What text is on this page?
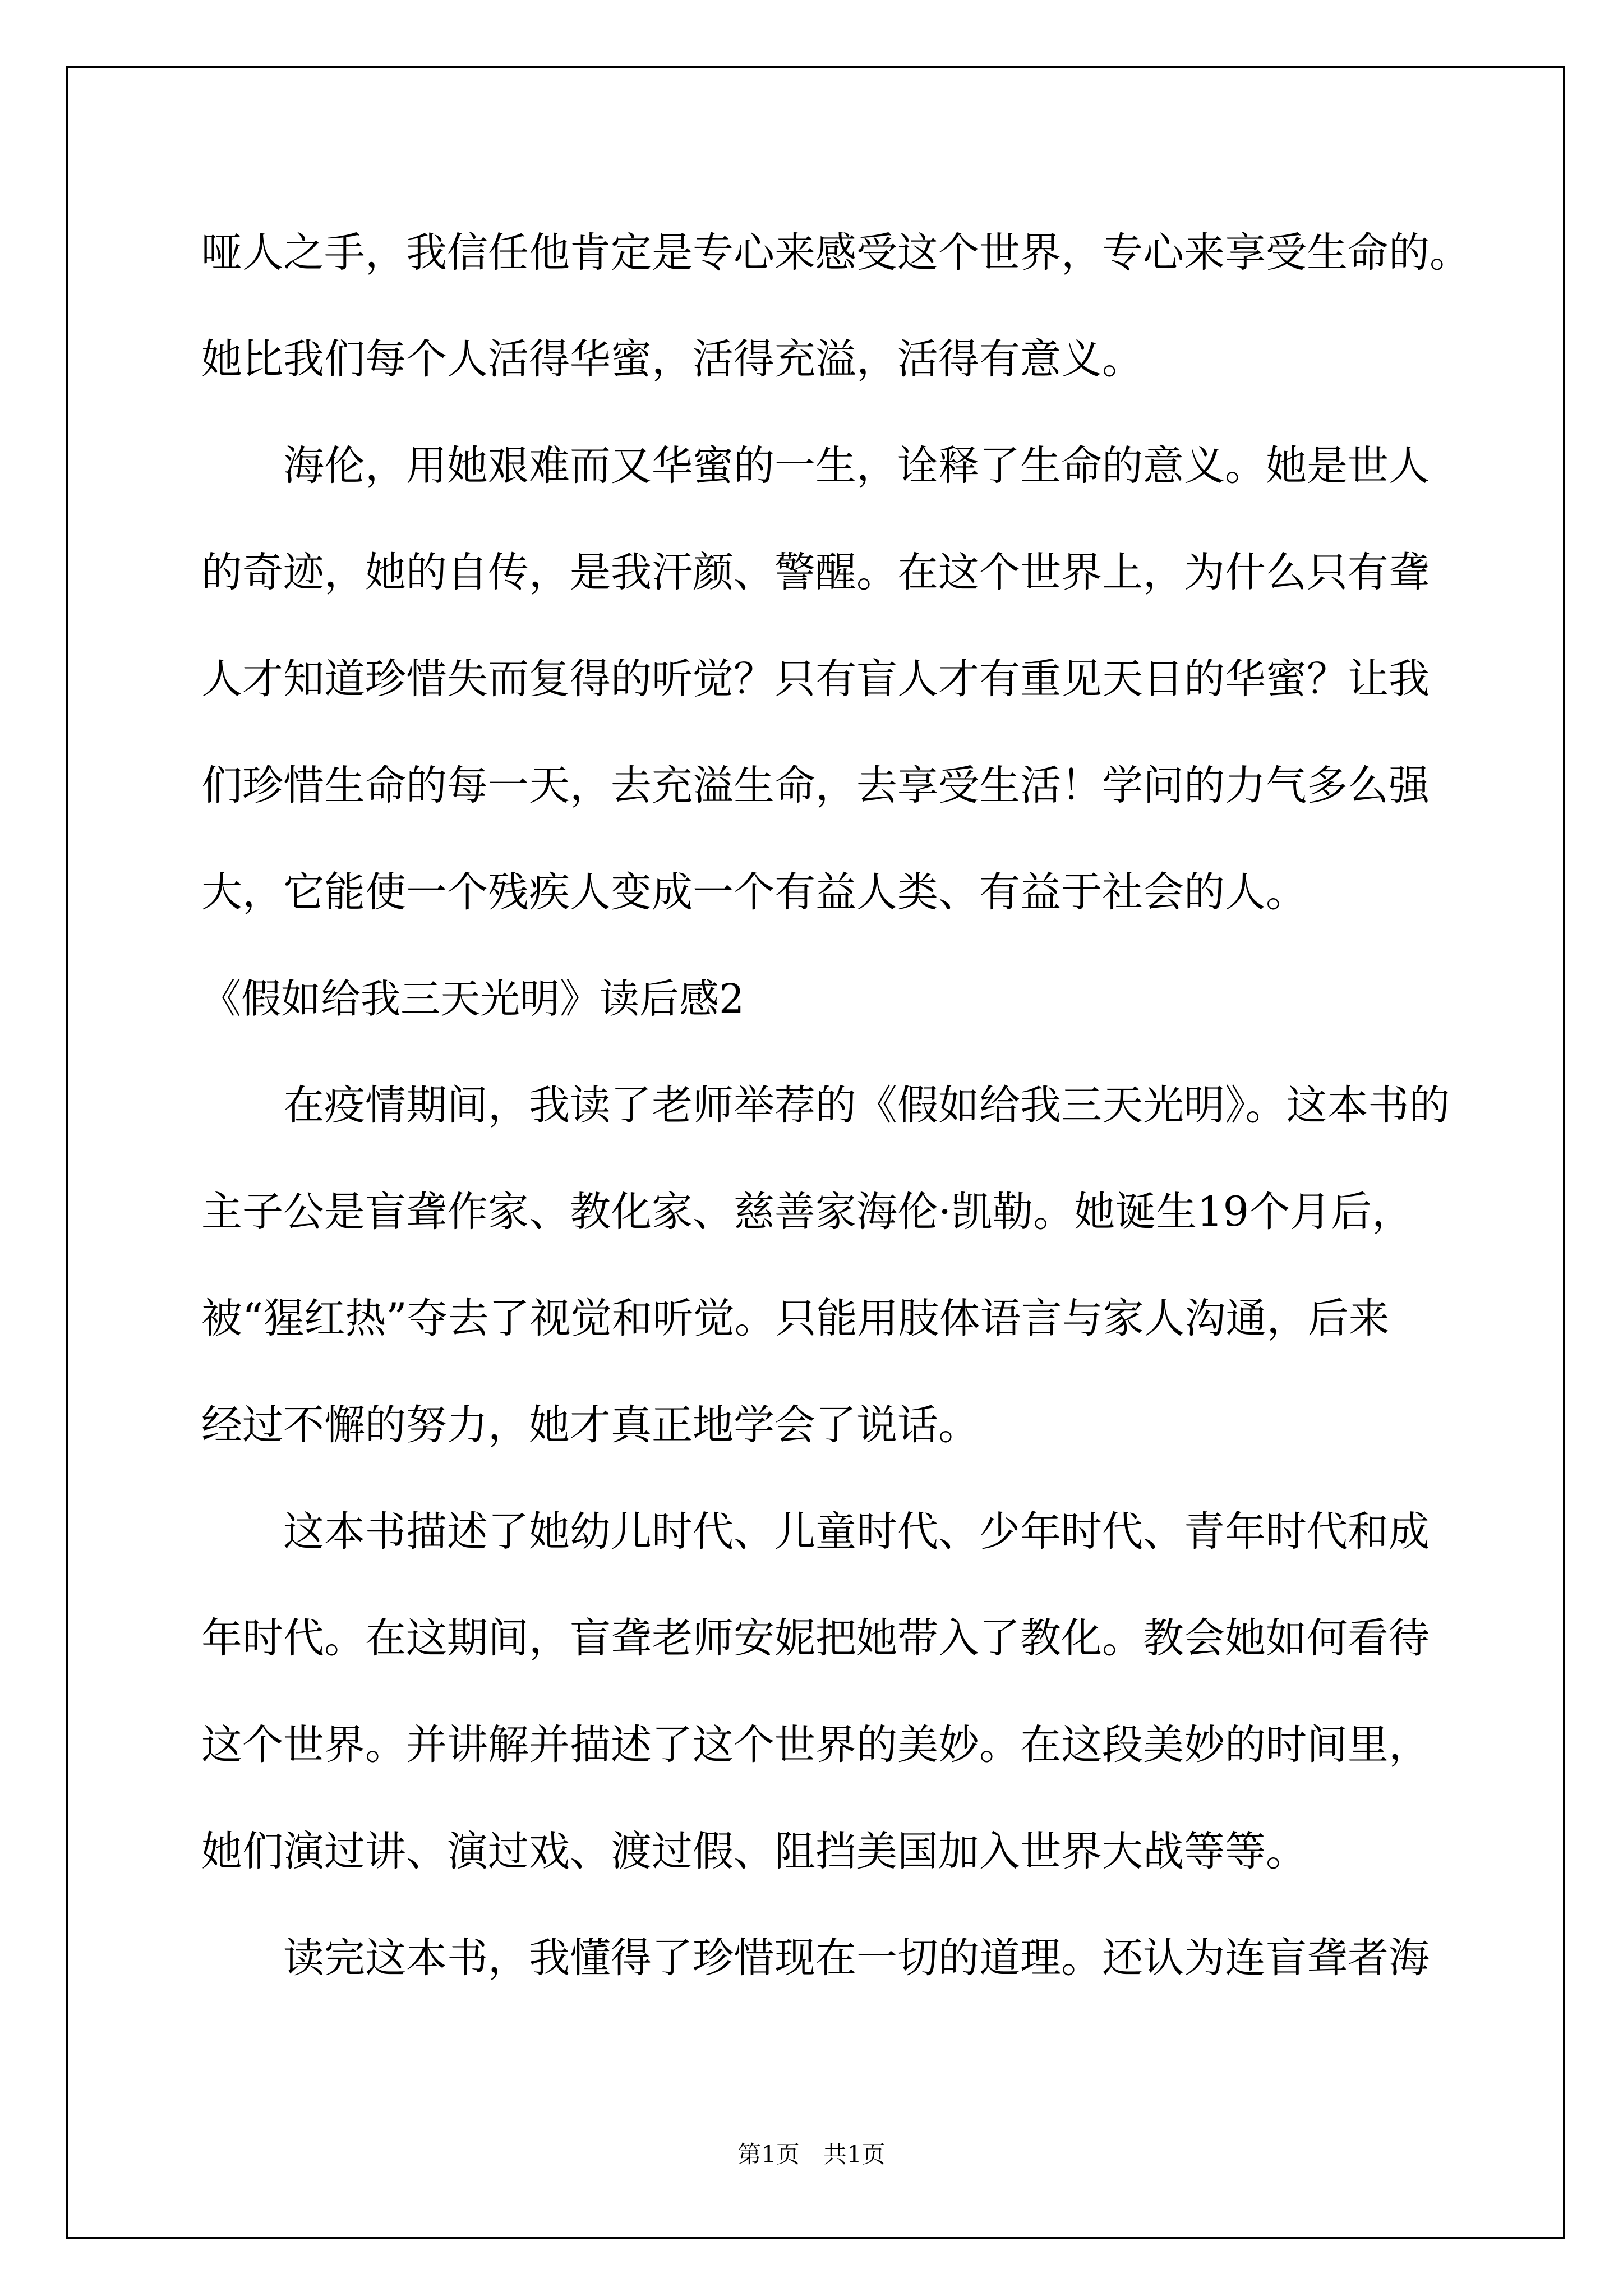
哑人之手，我信任他肯定是专心来感受这个世界，专心来享受生命的。
她比我们每个人活得华蜜，活得充溢，活得有意义。
海伦，用她艰难而又华蜜的一生，诠释了生命的意义。她是世人
的奇迹，她的自传，是我汗颜、警醒。在这个世界上，为什么只有聋
人才知道珍惜失而复得的听觉？只有盲人才有重见天日的华蜜？让我
们珍惜生命的每一天，去充溢生命，去享受生活！学问的力气多么强
大，它能使一个残疾人变成一个有益人类、有益于社会的人。
《假如给我三天光明》读后感2
在疫情期间，我读了老师举荐的《假如给我三天光明》。这本书的
主子公是盲聋作家、教化家、慈善家海伦·凯勒。她诞生19个月后，
被“猩红热”夺去了视觉和听觉。只能用肢体语言与家人沟通，后来
经过不懈的努力，她才真正地学会了说话。
这本书描述了她幼儿时代、儿童时代、少年时代、青年时代和成
年时代。在这期间，盲聋老师安妮把她带入了教化。教会她如何看待
这个世界。并讲解并描述了这个世界的美妙。在这段美妙的时间里，
她们演过讲、演过戏、渡过假、阻挡美国加入世界大战等等。
读完这本书，我懂得了珍惜现在一切的道理。还认为连盲聋者海
第1页　共1页
